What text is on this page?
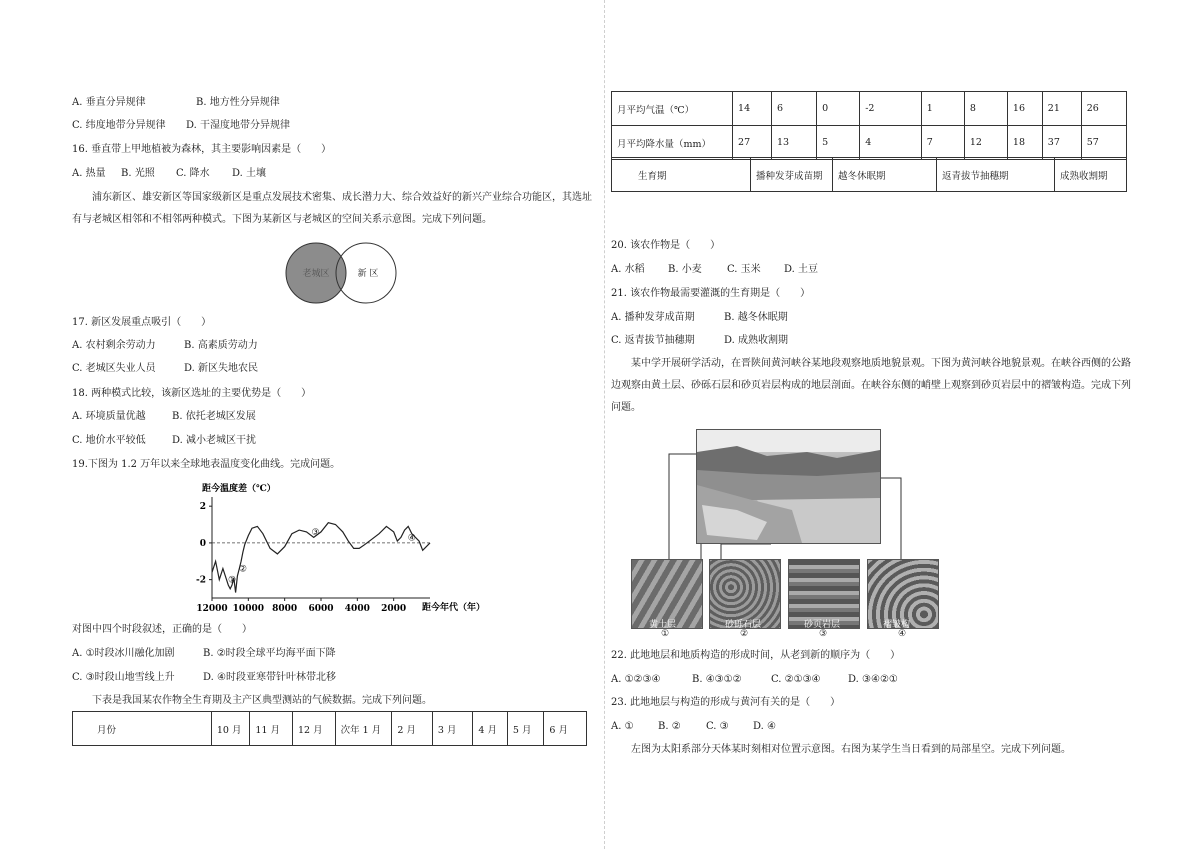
A. 垂直分异规律	B. 地方性分异规律
C. 纬度地带分异规律 D. 干湿度地带分异规律
16. 垂直带上甲地植被为森林，其主要影响因素是（　　）
A. 热量 B. 光照 C. 降水 D. 土壤
浦东新区、雄安新区等国家级新区是重点发展技术密集、成长潜力大、综合效益好的新兴产业综合功能区，其选址有与老城区相邻和不相邻两种模式。下图为某新区与老城区的空间关系示意图。完成下列问题。
老城区	新 区
17. 新区发展重点吸引（　　）
A. 农村剩余劳动力	B. 高素质劳动力
C. 老城区失业人员	D. 新区失地农民
18. 两种模式比较，该新区选址的主要优势是（　　）
A. 环境质量优越	B. 依托老城区发展
C. 地价水平较低	D. 减小老城区干扰
19.下图为 1.2 万年以来全球地表温度变化曲线。完成问题。
距今温度差（℃）
距今年代（年）
2
0
-2
12000 10000 8000 6000 4000 2000
①
②
③
④
对图中四个时段叙述，正确的是（　　）
A. ①时段冰川融化加剧	B. ②时段全球平均海平面下降
C. ③时段山地雪线上升	D. ④时段亚寒带针叶林带北移
下表是我国某农作物全生育期及主产区典型测站的气候数据。完成下列问题。
月份	10 月	11 月	12 月	次年 1 月	2 月	3 月	4 月	5 月	6 月
月平均气温（℃）	14	6	0	-2	1	8	16	21	26
月平均降水量（mm）	27	13	5	4	7	12	18	37	57
生育期	播种发芽成苗期	越冬休眠期	返青拔节抽穗期	成熟收割期
20. 该农作物是（　　）
A. 水稻 B. 小麦	C. 玉米 D. 土豆
21. 该农作物最需要灌溉的生育期是（　　）
A. 播种发芽成苗期	B. 越冬休眠期
C. 返青拔节抽穗期	D. 成熟收割期
某中学开展研学活动，在晋陕间黄河峡谷某地段观察地质地貌景观。下图为黄河峡谷地貌景观。在峡谷西侧的公路边观察由黄土层、砂砾石层和砂页岩层构成的地层剖面。在峡谷东侧的峭壁上观察到砂页岩层中的褶皱构造。完成下列问题。
黄土层	砂砾石层	砂页岩层	褶皱构造
①	②	③	④
22. 此地地层和地质构造的形成时间，从老到新的顺序为（　　）
A. ①②③④	B. ④③①②	C. ②①③④	D. ③④②①
23. 此地地层与构造的形成与黄河有关的是（　　）
A. ① B. ②	C. ③ D. ④
左图为太阳系部分天体某时刻相对位置示意图。右图为某学生当日看到的局部星空。完成下列问题。
